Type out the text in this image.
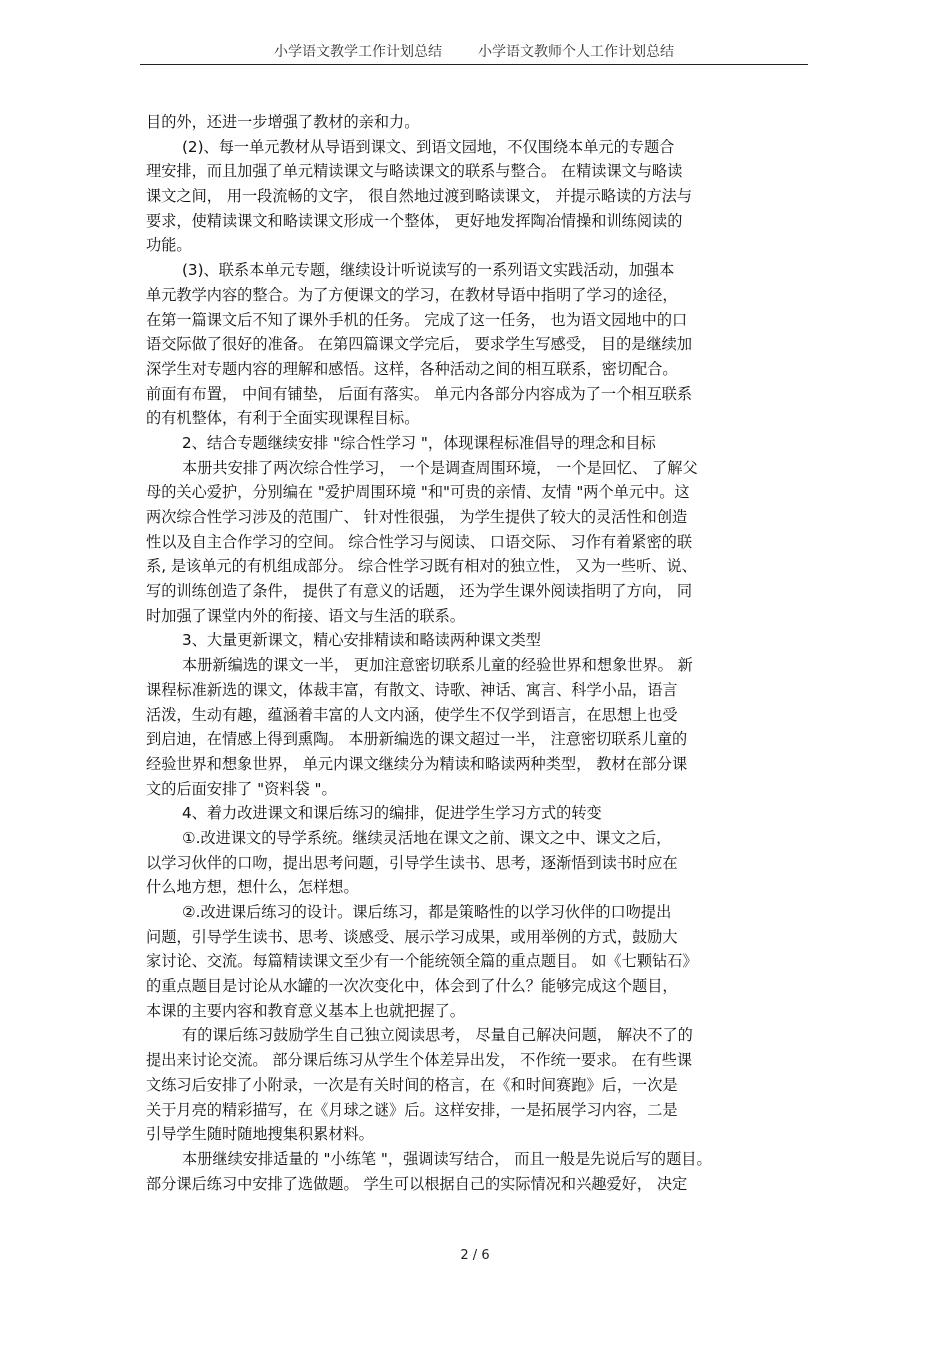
小学语文教学工作计划总结	小学语文教师个人工作计划总结
目的外，还进一步增强了教材的亲和力。
(2)、每一单元教材从导语到课文、到语文园地，不仅围绕本单元的专题合
理安排，而且加强了单元精读课文与略读课文的联系与整合。 在精读课文与略读
课文之间， 用一段流畅的文字， 很自然地过渡到略读课文， 并提示略读的方法与
要求，使精读课文和略读课文形成一个整体， 更好地发挥陶冶情操和训练阅读的
功能。
(3)、联系本单元专题，继续设计听说读写的一系列语文实践活动，加强本
单元教学内容的整合。为了方便课文的学习，在教材导语中指明了学习的途径，
在第一篇课文后不知了课外手机的任务。 完成了这一任务， 也为语文园地中的口
语交际做了很好的准备。 在第四篇课文学完后， 要求学生写感受， 目的是继续加
深学生对专题内容的理解和感悟。这样，各种活动之间的相互联系，密切配合。
前面有布置， 中间有铺垫， 后面有落实。 单元内各部分内容成为了一个相互联系
的有机整体，有利于全面实现课程目标。
2、结合专题继续安排 "综合性学习 "，体现课程标准倡导的理念和目标
本册共安排了两次综合性学习， 一个是调查周围环境， 一个是回忆、 了解父
母的关心爱护，分别编在 "爱护周围环境 "和"可贵的亲情、友情 "两个单元中。这
两次综合性学习涉及的范围广、 针对性很强， 为学生提供了较大的灵活性和创造
性以及自主合作学习的空间。 综合性学习与阅读、 口语交际、 习作有着紧密的联
系, 是该单元的有机组成部分。 综合性学习既有相对的独立性， 又为一些听、说、
写的训练创造了条件， 提供了有意义的话题， 还为学生课外阅读指明了方向， 同
时加强了课堂内外的衔接、语文与生活的联系。
3、大量更新课文，精心安排精读和略读两种课文类型
本册新编选的课文一半， 更加注意密切联系儿童的经验世界和想象世界。 新
课程标准新选的课文，体裁丰富，有散文、诗歌、神话、寓言、科学小品，语言
活泼，生动有趣，蕴涵着丰富的人文内涵，使学生不仅学到语言，在思想上也受
到启迪，在情感上得到熏陶。 本册新编选的课文超过一半， 注意密切联系儿童的
经验世界和想象世界， 单元内课文继续分为精读和略读两种类型， 教材在部分课
文的后面安排了 "资料袋 "。
4、着力改进课文和课后练习的编排，促进学生学习方式的转变
①.改进课文的导学系统。继续灵活地在课文之前、课文之中、课文之后，
以学习伙伴的口吻，提出思考问题，引导学生读书、思考，逐渐悟到读书时应在
什么地方想，想什么，怎样想。
②.改进课后练习的设计。课后练习，都是策略性的以学习伙伴的口吻提出
问题，引导学生读书、思考、谈感受、展示学习成果，或用举例的方式，鼓励大
家讨论、交流。每篇精读课文至少有一个能统领全篇的重点题目。 如《七颗钻石》
的重点题目是讨论从水罐的一次次变化中，体会到了什么？能够完成这个题目，
本课的主要内容和教育意义基本上也就把握了。
有的课后练习鼓励学生自己独立阅读思考， 尽量自己解决问题， 解决不了的
提出来讨论交流。 部分课后练习从学生个体差异出发， 不作统一要求。 在有些课
文练习后安排了小附录，一次是有关时间的格言，在《和时间赛跑》后，一次是
关于月亮的精彩描写，在《月球之谜》后。这样安排，一是拓展学习内容，二是
引导学生随时随地搜集积累材料。
本册继续安排适量的 "小练笔 "，强调读写结合， 而且一般是先说后写的题目。
部分课后练习中安排了选做题。 学生可以根据自己的实际情况和兴趣爱好， 决定
2 / 6
